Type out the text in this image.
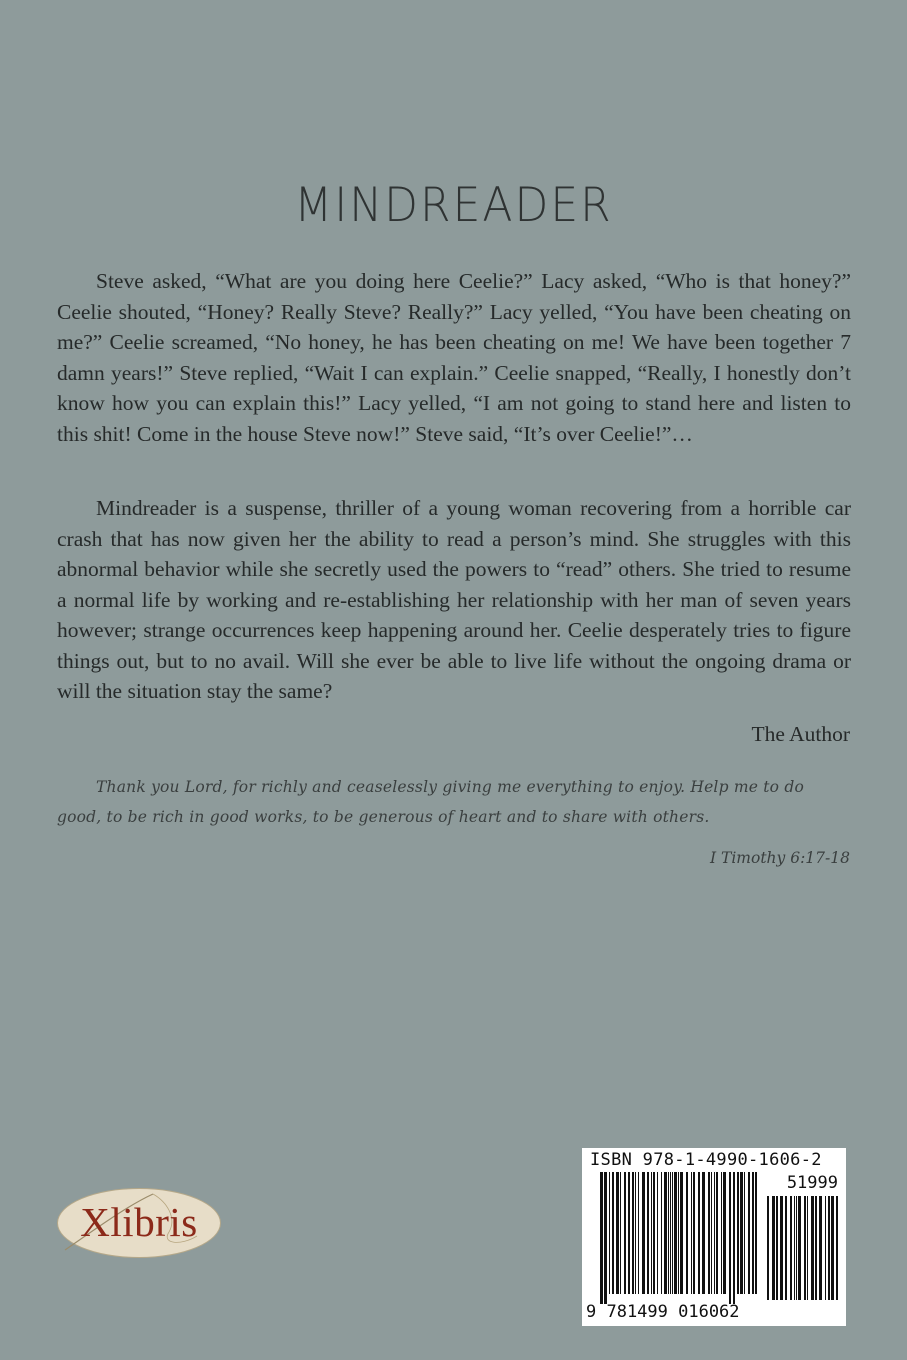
MINDREADER

Steve asked, “What are you doing here Ceelie?” Lacy asked, “Who is that honey?” Ceelie shouted, “Honey? Really Steve? Really?” Lacy yelled, “You have been cheating on me?” Ceelie screamed, “No honey, he has been cheating on me! We have been together 7 damn years!” Steve replied, “Wait I can explain.” Ceelie snapped, “Really, I honestly don’t know how you can explain this!” Lacy yelled, “I am not going to stand here and listen to this shit! Come in the house Steve now!” Steve said, “It’s over Ceelie!”…

Mindreader is a suspense, thriller of a young woman recovering from a horrible car crash that has now given her the ability to read a person’s mind. She struggles with this abnormal behavior while she secretly used the powers to “read” others. She tried to resume a normal life by working and re-establishing her relationship with her man of seven years however; strange occurrences keep happening around her. Ceelie desperately tries to figure things out, but to no avail. Will she ever be able to live life without the ongoing drama or will the situation stay the same?

The Author

Thank you Lord, for richly and ceaselessly giving me everything to enjoy. Help me to do good, to be rich in good works, to be generous of heart and to share with others.

I Timothy 6:17-18
Xlibris
ISBN 978-1-4990-1606-2
51999
9 781499 016062
